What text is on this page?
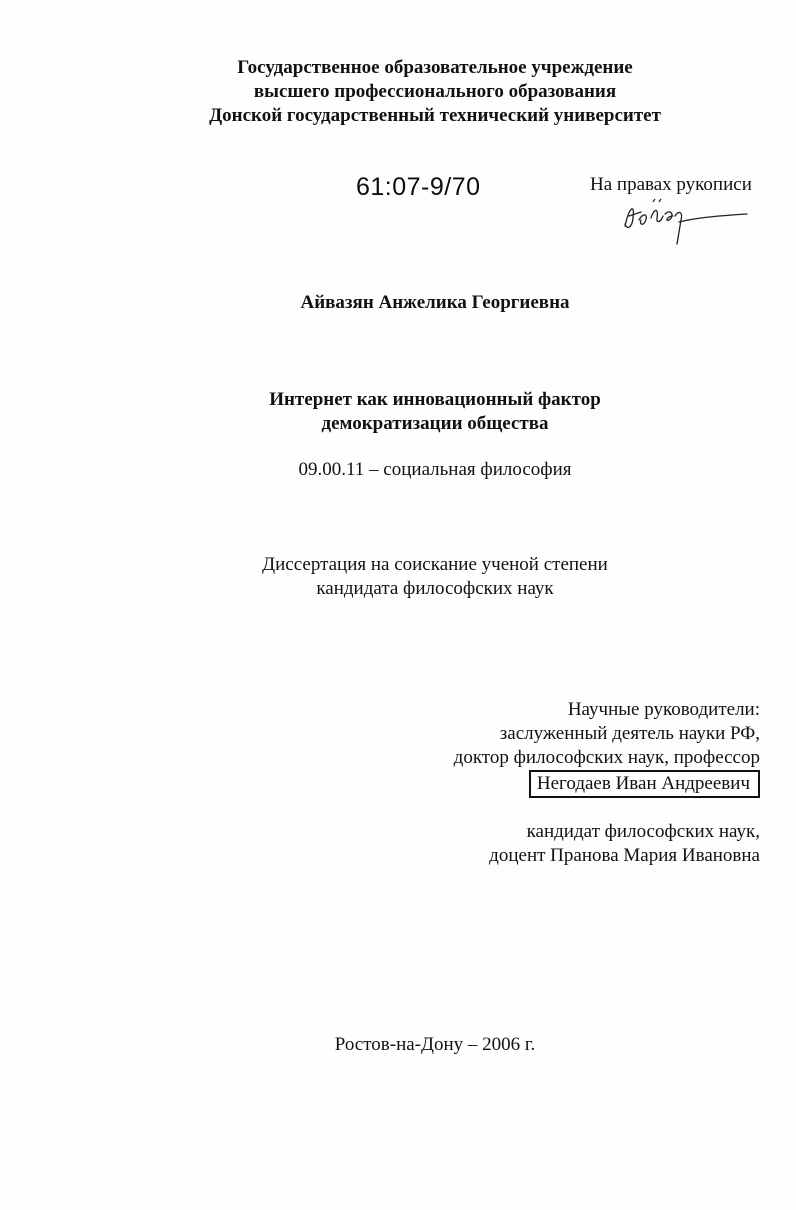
Государственное образовательное учреждение
высшего профессионального образования
Донской государственный технический университет
61:07-9/70	На правах рукописи
Айвазян Анжелика Георгиевна
Интернет как инновационный фактор
демократизации общества
09.00.11 – социальная философия
Диссертация на соискание ученой степени
кандидата философских наук
Научные руководители:
заслуженный деятель науки РФ,
доктор философских наук, профессор
Негодаев Иван Андреевич
кандидат философских наук,
доцент Пранова Мария Ивановна
Ростов-на-Дону – 2006 г.
